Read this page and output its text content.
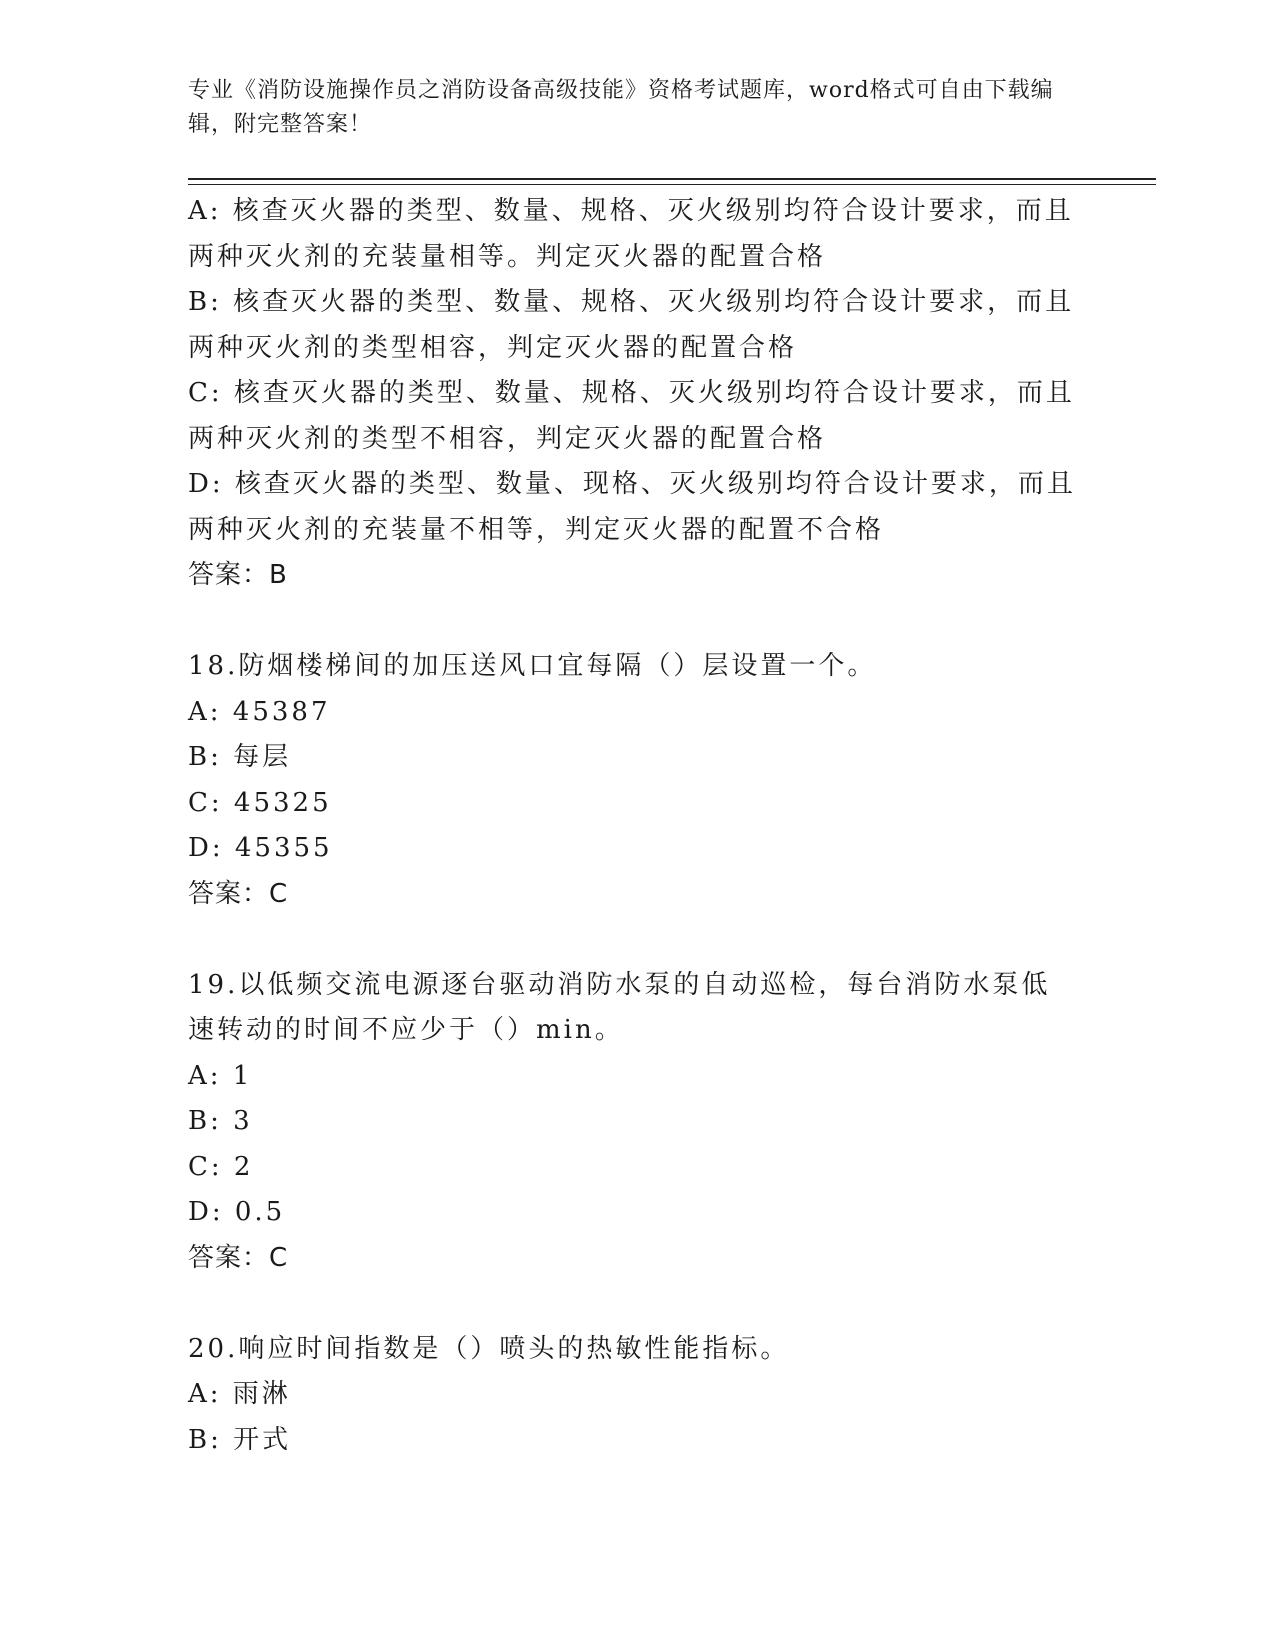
专业《消防设施操作员之消防设备高级技能》资格考试题库，word格式可自由下载编辑，附完整答案！
A: 核查灭火器的类型、数量、规格、灭火级别均符合设计要求，而且两种灭火剂的充装量相等。判定灭火器的配置合格
B: 核查灭火器的类型、数量、规格、灭火级别均符合设计要求，而且两种灭火剂的类型相容，判定灭火器的配置合格
C: 核查灭火器的类型、数量、规格、灭火级别均符合设计要求，而且两种灭火剂的类型不相容，判定灭火器的配置合格
D: 核查灭火器的类型、数量、现格、灭火级别均符合设计要求，而且两种灭火剂的充装量不相等，判定灭火器的配置不合格
答案：B
18.防烟楼梯间的加压送风口宜每隔（）层设置一个。
A: 45387
B: 每层
C: 45325
D: 45355
答案：C
19.以低频交流电源逐台驱动消防水泵的自动巡检，每台消防水泵低速转动的时间不应少于（）min。
A: 1
B: 3
C: 2
D: 0.5
答案：C
20.响应时间指数是（）喷头的热敏性能指标。
A: 雨淋
B: 开式
